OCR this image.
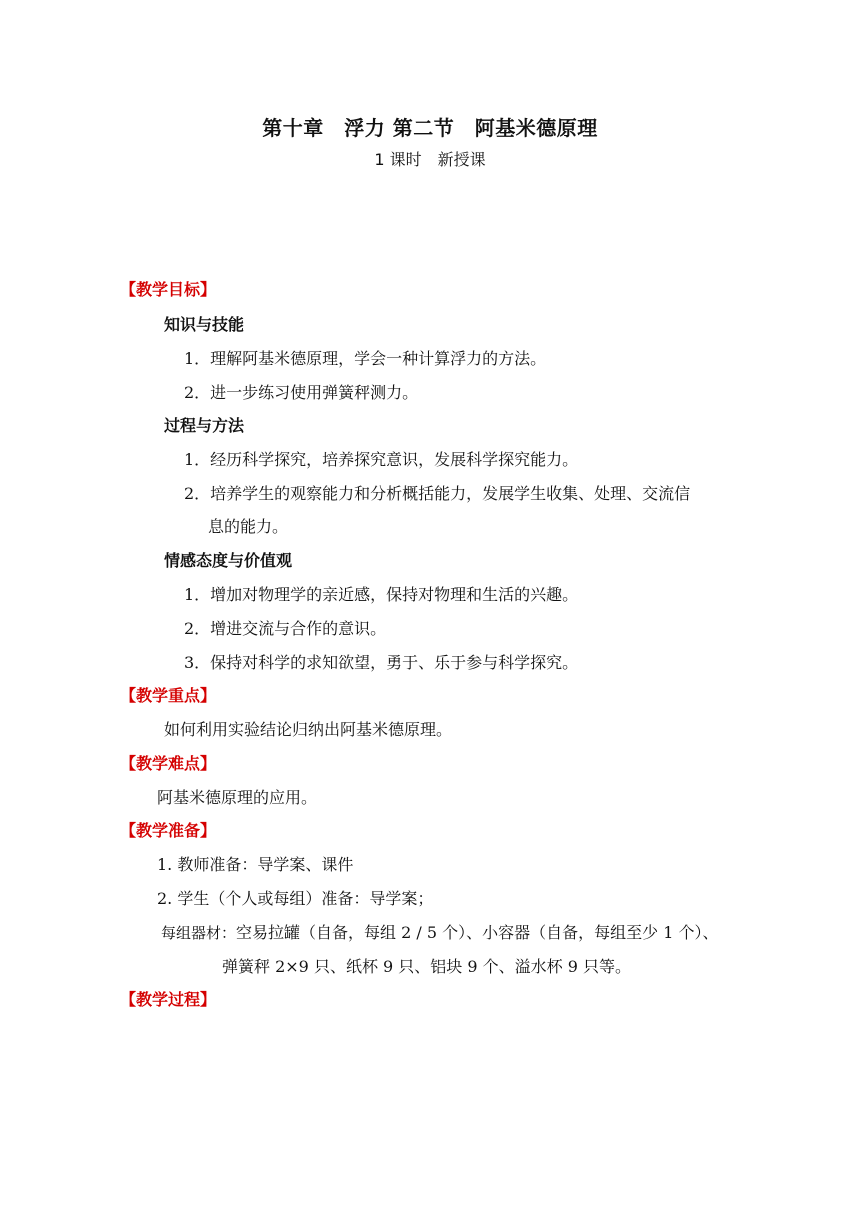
第十章　浮力 第二节　阿基米德原理
1 课时　新授课
【教学目标】
知识与技能
1．理解阿基米德原理，学会一种计算浮力的方法。
2．进一步练习使用弹簧秤测力。
过程与方法
1．经历科学探究，培养探究意识，发展科学探究能力。
2．培养学生的观察能力和分析概括能力，发展学生收集、处理、交流信
息的能力。
情感态度与价值观
1．增加对物理学的亲近感，保持对物理和生活的兴趣。
2．增进交流与合作的意识。
3．保持对科学的求知欲望，勇于、乐于参与科学探究。
【教学重点】
如何利用实验结论归纳出阿基米德原理。
【教学难点】
阿基米德原理的应用。
【教学准备】
1. 教师准备：导学案、课件
2. 学生（个人或每组）准备：导学案；
每组器材：空易拉罐（自备，每组 2 / 5 个）、小容器（自备，每组至少 1 个）、
弹簧秤 2×9 只、纸杯 9 只、铝块 9 个、溢水杯 9 只等。
【教学过程】
